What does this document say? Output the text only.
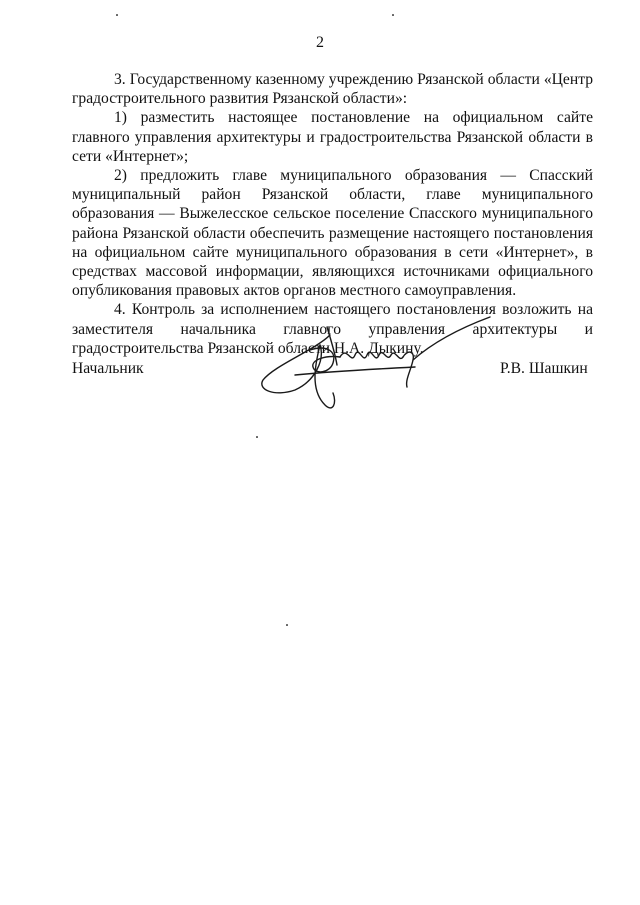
2

3. Государственному казенному учреждению Рязанской области «Центр градостроительного развития Рязанской области»:

1) разместить настоящее постановление на официальном сайте главного управления архитектуры и градостроительства Рязанской области в сети «Интернет»;

2) предложить главе муниципального образования — Спасский муниципальный район Рязанской области, главе муниципального образования — Выжелесское сельское поселение Спасского муниципального района Рязанской области обеспечить размещение настоящего постановления на официальном сайте муниципального образования в сети «Интернет», в средствах массовой информации, являющихся источниками официального опубликования правовых актов органов местного самоуправления.

4. Контроль за исполнением настоящего постановления возложить на заместителя начальника главного управления архитектуры и градостроительства Рязанской области Н.А. Дыкину.

Начальник	Р.В. Шашкин
